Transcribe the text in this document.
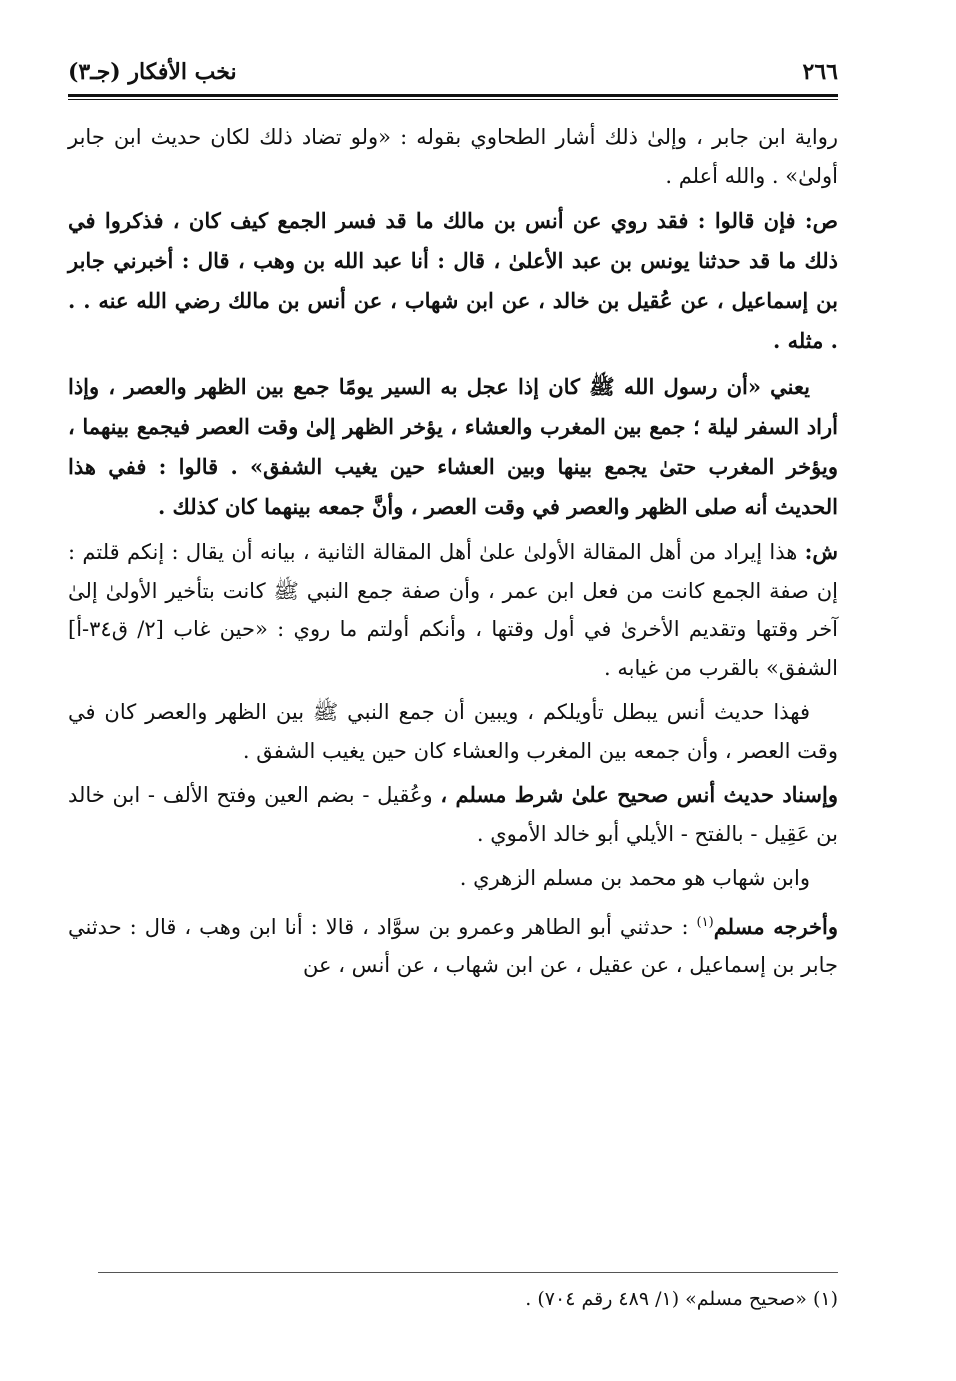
٢٦٦
نخب الأفكار (جـ٣)

رواية ابن جابر ، وإلىٰ ذلك أشار الطحاوي بقوله : «ولو تضاد ذلك لكان حديث ابن جابر أولىٰ» . والله أعلم .

ص: فإن قالوا : فقد روي عن أنس بن مالك ما قد فسر الجمع كيف كان ، فذكروا في ذلك ما قد حدثنا يونس بن عبد الأعلىٰ ، قال : أنا عبد الله بن وهب ، قال : أخبرني جابر بن إسماعيل ، عن عُقيل بن خالد ، عن ابن شهاب ، عن أنس بن مالك رضي الله عنه . . . مثله .

يعني «أن رسول الله ﷺ كان إذا عجل به السير يومًا جمع بين الظهر والعصر ، وإذا أراد السفر ليلة ؛ جمع بين المغرب والعشاء ، يؤخر الظهر إلىٰ وقت العصر فيجمع بينهما ، ويؤخر المغرب حتىٰ يجمع بينها وبين العشاء حين يغيب الشفق» . قالوا : ففي هذا الحديث أنه صلى الظهر والعصر في وقت العصر ، وأنَّ جمعه بينهما كان كذلك .

ش: هذا إيراد من أهل المقالة الأولىٰ علىٰ أهل المقالة الثانية ، بيانه أن يقال : إنكم قلتم : إن صفة الجمع كانت من فعل ابن عمر ، وأن صفة جمع النبي ﷺ كانت بتأخير الأولىٰ إلىٰ آخر وقتها وتقديم الأخرىٰ في أول وقتها ، وأنكم أولتم ما روي : «حين غاب [٢/ ق٣٤-أ] الشفق» بالقرب من غيابه .

فهذا حديث أنس يبطل تأويلكم ، ويبين أن جمع النبي ﷺ بين الظهر والعصر كان في وقت العصر ، وأن جمعه بين المغرب والعشاء كان حين يغيب الشفق .

وإسناد حديث أنس صحيح علىٰ شرط مسلم ، وعُقيل - بضم العين وفتح الألف - ابن خالد بن عَقِيل - بالفتح - الأيلي أبو خالد الأموي .

وابن شهاب هو محمد بن مسلم الزهري .

وأخرجه مسلم$^{(١)}$ : حدثني أبو الطاهر وعمرو بن سوَّاد ، قالا : أنا ابن وهب ، قال : حدثني جابر بن إسماعيل ، عن عقيل ، عن ابن شهاب ، عن أنس ، عن

(١) «صحيح مسلم» (١/ ٤٨٩ رقم ٧٠٤) .
